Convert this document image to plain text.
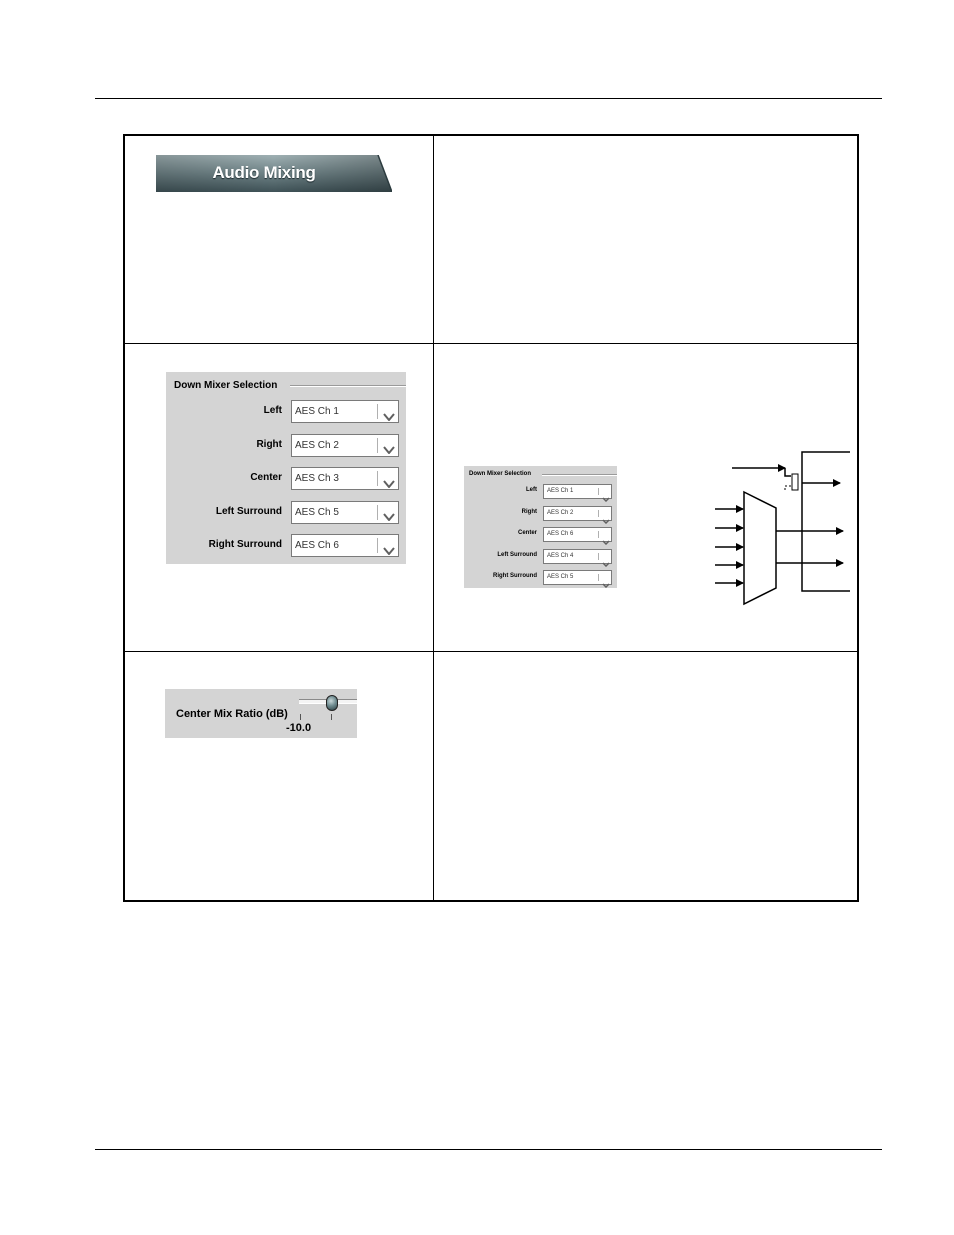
Audio Mixing
Down Mixer Selection
Left AES Ch 1
Right AES Ch 2
Center AES Ch 3
Left Surround AES Ch 5
Right Surround AES Ch 6
Down Mixer Selection
Left AES Ch 1
Right AES Ch 2
Center AES Ch 6
Left Surround AES Ch 4
Right Surround AES Ch 5
Center Mix Ratio (dB)
-10.0
